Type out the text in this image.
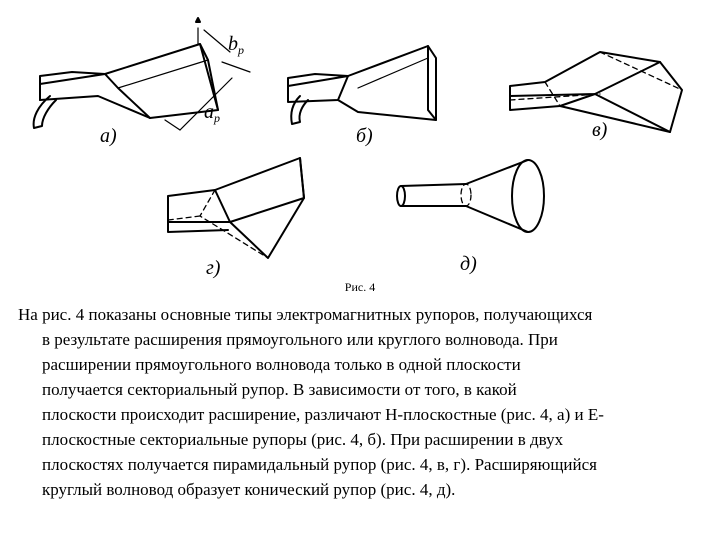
а)
$b_p$
$a_p$
б)	в)
г)	д)
Рис. 4
На рис. 4 показаны основные типы электромагнитных рупоров, получающихся
в результате расширения прямоугольного или круглого волновода. При
расширении прямоугольного волновода только в одной плоскости
получается секториальный рупор. В зависимости от того, в какой
плоскости происходит расширение, различают Н-плоскостные (рис. 4, а) и Е-
плоскостные секториальные рупоры (рис. 4, б). При расширении в двух
плоскостях получается пирамидальный рупор (рис. 4, в, г). Расширяющийся
круглый волновод образует конический рупор (рис. 4, д).
